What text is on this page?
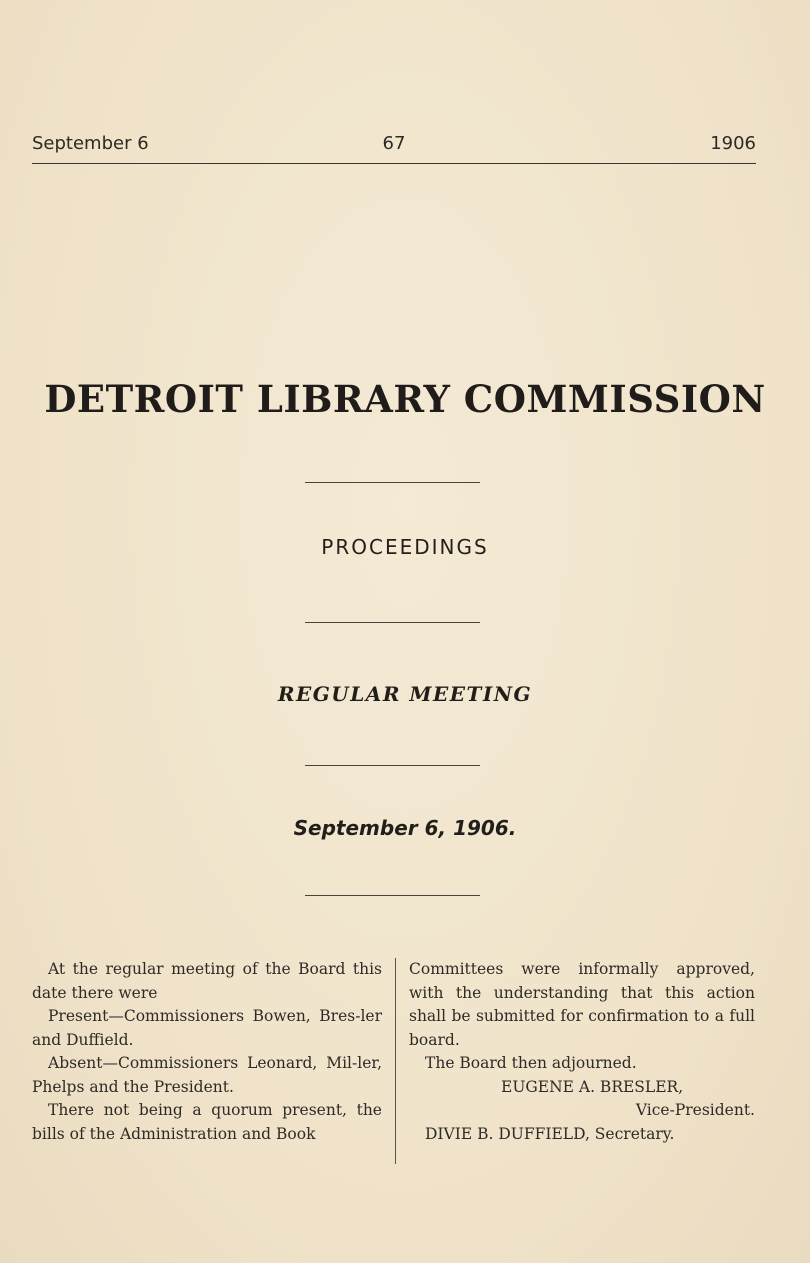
September 6	67	1906
DETROIT LIBRARY COMMISSION
PROCEEDINGS
REGULAR MEETING
September 6, 1906.

At the regular meeting of the Board this date there were

Present—Commissioners Bowen, Bres-ler and Duffield.

Absent—Commissioners Leonard, Mil-ler, Phelps and the President.

There not being a quorum present, the bills of the Administration and Book

Committees were informally approved, with the understanding that this action shall be submitted for confirmation to a full board.

The Board then adjourned.

EUGENE A. BRESLER,

Vice-President.

DIVIE B. DUFFIELD, Secretary.
